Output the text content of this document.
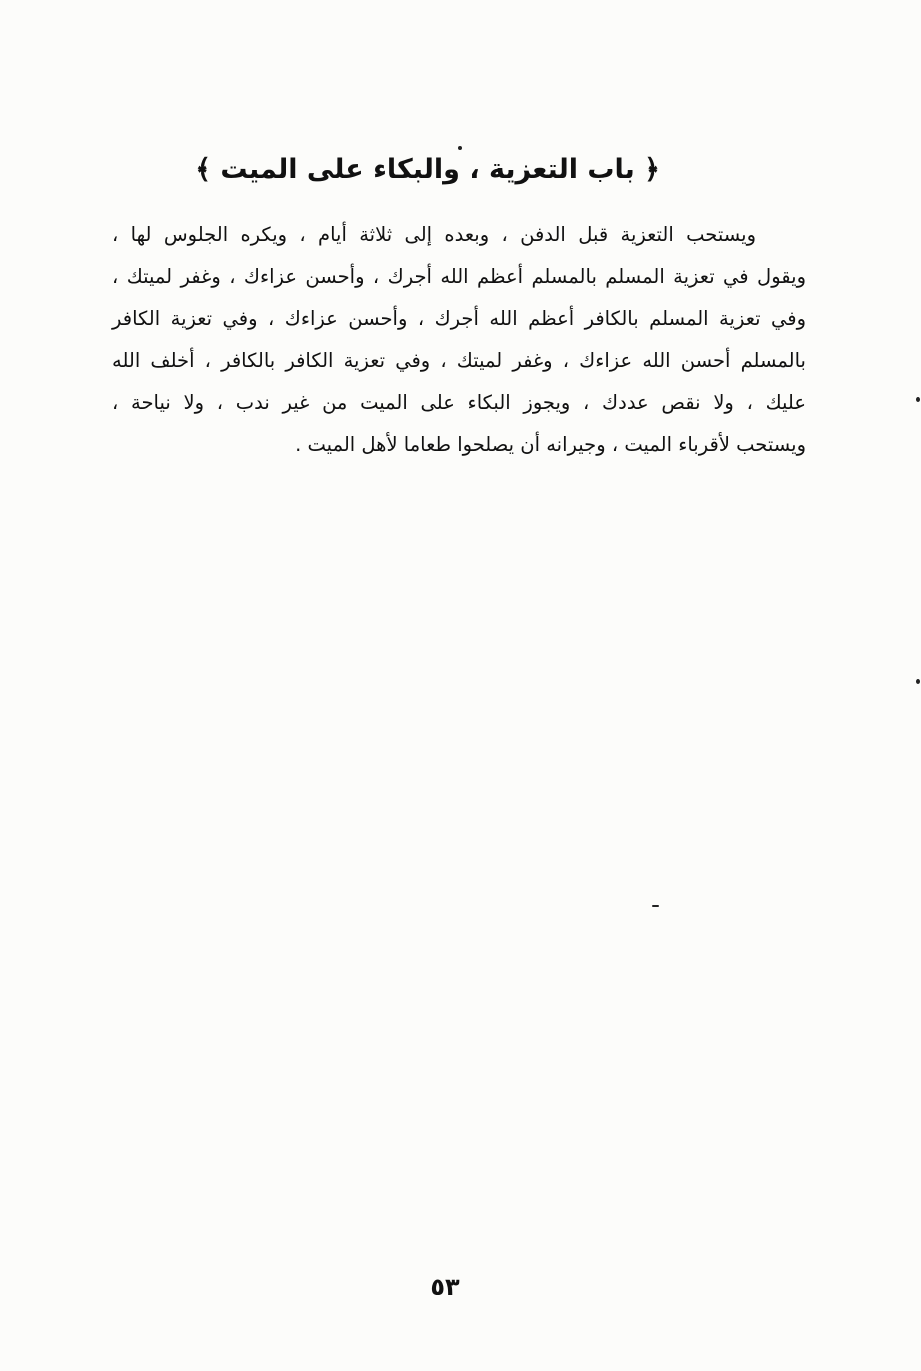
﴿ باب التعزية ، والبكاء على الميت ﴾
ويستحب التعزية قبل الدفن ، وبعده إلى ثلاثة أيام ، ويكره الجلوس لها ،
ويقول في تعزية المسلم بالمسلم أعظم الله أجرك ، وأحسن عزاءك ، وغفر لميتك ،
وفي تعزية المسلم بالكافر أعظم الله أجرك ، وأحسن عزاءك ، وفي تعزية الكافر
بالمسلم أحسن الله عزاءك ، وغفر لميتك ، وفي تعزية الكافر بالكافر ، أخلف الله
عليك ، ولا نقص عددك ، ويجوز البكاء على الميت من غير ندب ، ولا نياحة ،
ويستحب لأقرباء الميت ، وجيرانه أن يصلحوا طعاما لأهل الميت .
٥٣
